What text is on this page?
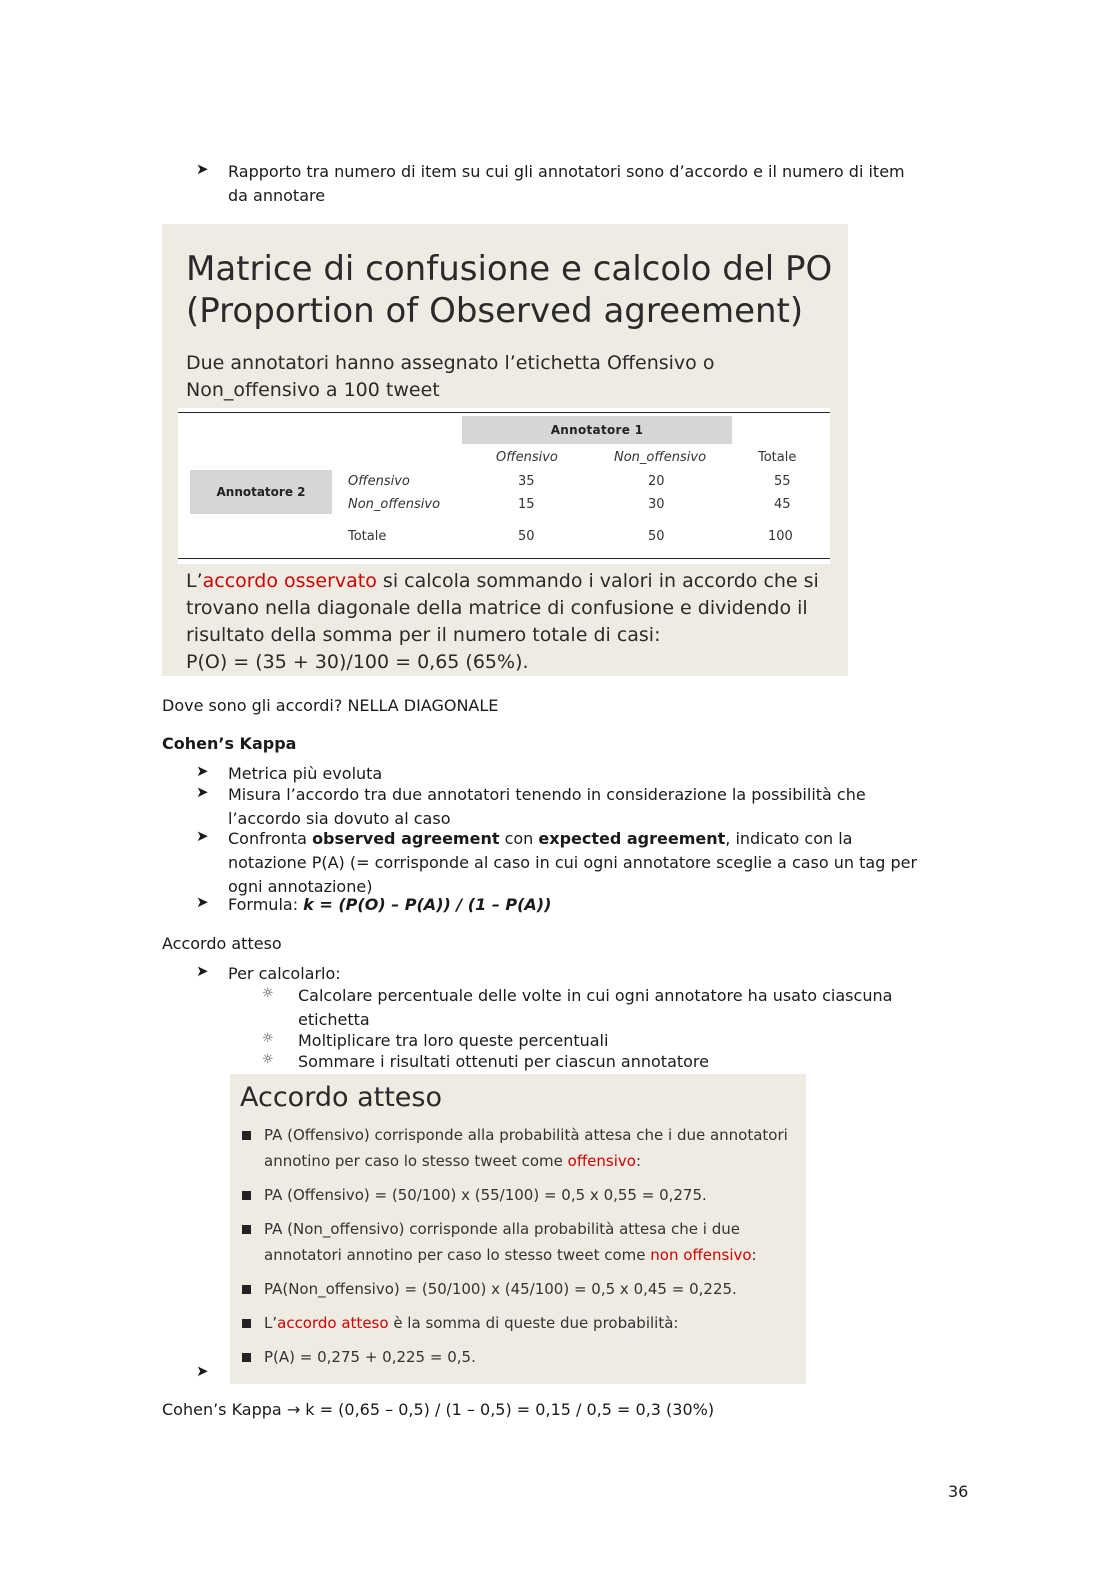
➤ Rapporto tra numero di item su cui gli annotatori sono d’accordo e il numero di item
da annotare
Matrice di confusione e calcolo del PO
(Proportion of Observed agreement)
Due annotatori hanno assegnato l’etichetta Offensivo o
Non_offensivo a 100 tweet
Annotatore 1
Annotatore 2
Offensivo	Non_offensivo	Totale
Offensivo	35	20	55
Non_offensivo	15	30	45
Totale	50	50	100
L’accordo osservato si calcola sommando i valori in accordo che si
trovano nella diagonale della matrice di confusione e dividendo il
risultato della somma per il numero totale di casi:
P(O) = (35 + 30)/100 = 0,65 (65%).
Dove sono gli accordi? NELLA DIAGONALE
Cohen’s Kappa
➤ Metrica più evoluta
➤ Misura l’accordo tra due annotatori tenendo in considerazione la possibilità che
l’accordo sia dovuto al caso
➤ Confronta observed agreement con expected agreement, indicato con la
notazione P(A) (= corrisponde al caso in cui ogni annotatore sceglie a caso un tag per
ogni annotazione)
➤ Formula: k = (P(O) – P(A)) / (1 – P(A))
Accordo atteso
➤ Per calcolarlo:
☼ Calcolare percentuale delle volte in cui ogni annotatore ha usato ciascuna
etichetta
☼ Moltiplicare tra loro queste percentuali
☼ Sommare i risultati ottenuti per ciascun annotatore
Accordo atteso
PA (Offensivo) corrisponde alla probabilità attesa che i due annotatori
annotino per caso lo stesso tweet come offensivo:
PA (Offensivo) = (50/100) x (55/100) = 0,5 x 0,55 = 0,275.
PA (Non_offensivo) corrisponde alla probabilità attesa che i due
annotatori annotino per caso lo stesso tweet come non offensivo:
PA(Non_offensivo) = (50/100) x (45/100) = 0,5 x 0,45 = 0,225.
L’accordo atteso è la somma di queste due probabilità:
P(A) = 0,275 + 0,225 = 0,5.
➤
Cohen’s Kappa → k = (0,65 – 0,5) / (1 – 0,5) = 0,15 / 0,5 = 0,3 (30%)
36
